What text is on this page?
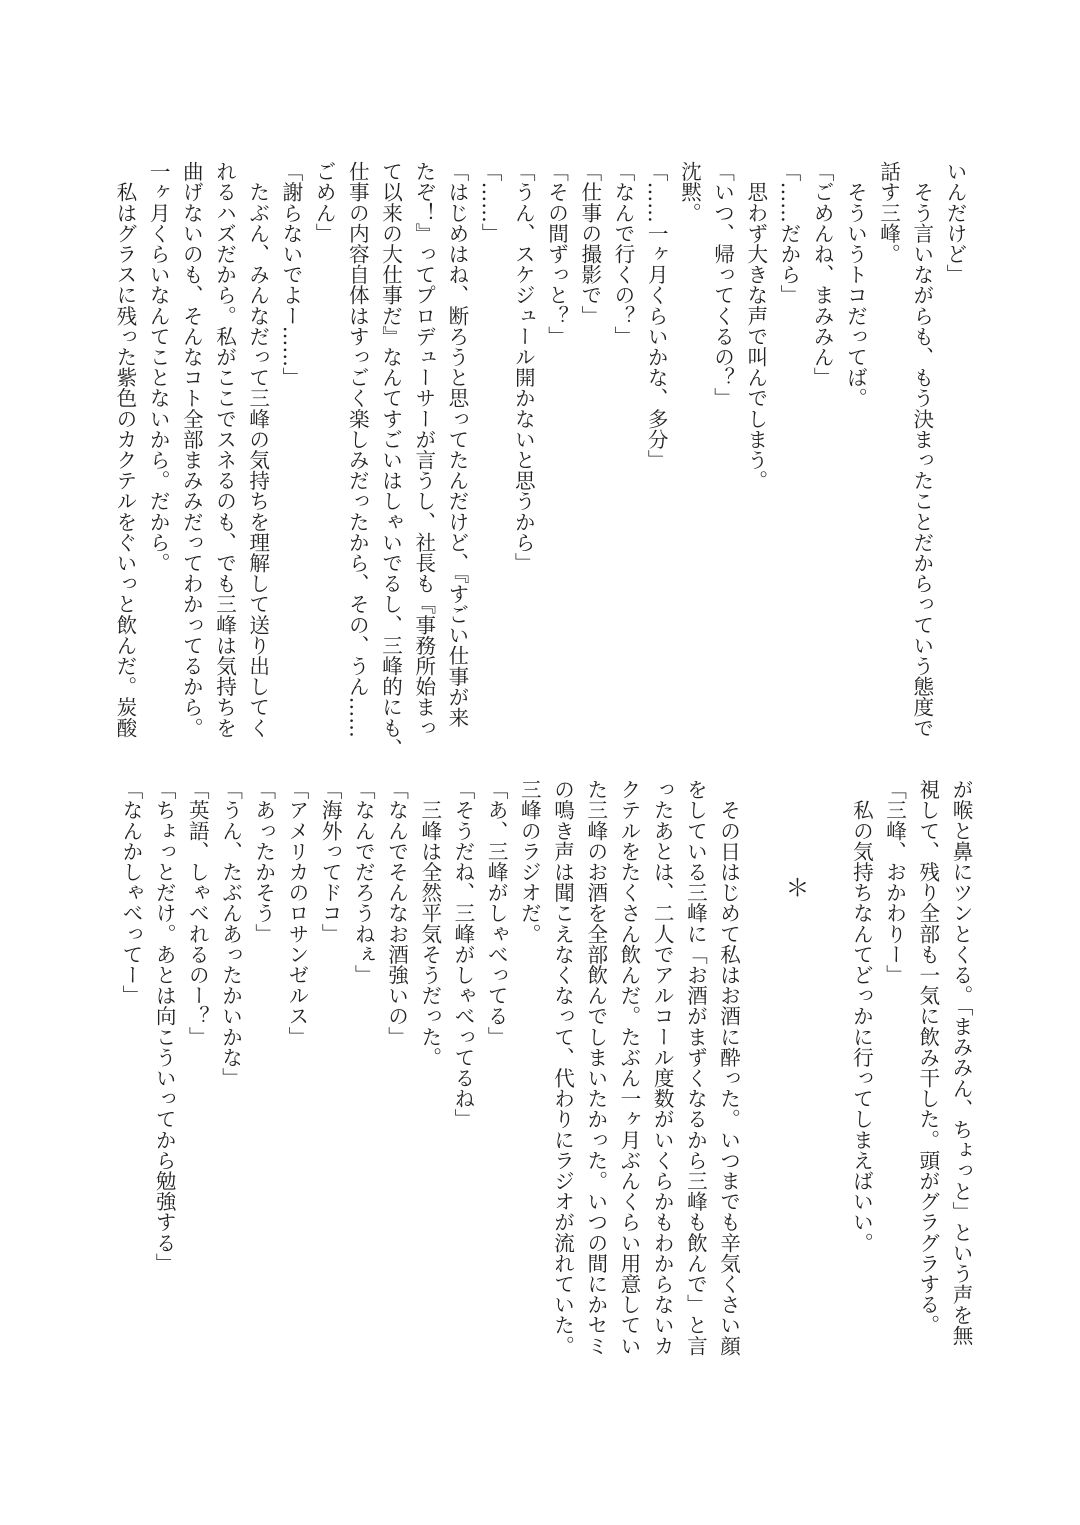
いんだけど」
　そう言いながらも、もう決まったことだからっていう態度で
話す三峰。
　そういうトコだってば。
「ごめんね、まみみん」
「……だから」
　思わず大きな声で叫んでしまう。
「いつ、帰ってくるの？」
沈黙。
「……一ヶ月くらいかな、多分」
「なんで行くの？」
「仕事の撮影で」
「その間ずっと？」
「うん、スケジュール開かないと思うから」
「……」
「はじめはね、断ろうと思ってたんだけど、『すごい仕事が来
たぞ！』ってプロデューサーが言うし、社長も『事務所始まっ
て以来の大仕事だ』なんてすごいはしゃいでるし、三峰的にも、
仕事の内容自体はすっごく楽しみだったから、その、うん……
ごめん」
「謝らないでよー……」
　たぶん、みんなだって三峰の気持ちを理解して送り出してく
れるハズだから。私がここでスネるのも、でも三峰は気持ちを
曲げないのも、そんなコト全部まみみだってわかってるから。
一ヶ月くらいなんてことないから。だから。
　私はグラスに残った紫色のカクテルをぐいっと飲んだ。炭酸
が喉と鼻にツンとくる。「まみみん、ちょっと」という声を無
視して、残り全部も一気に飲み干した。頭がグラグラする。
「三峰、おかわりー」
　私の気持ちなんてどっかに行ってしまえばいい。
＊
　その日はじめて私はお酒に酔った。いつまでも辛気くさい顔
をしている三峰に「お酒がまずくなるから三峰も飲んで」と言
ったあとは、二人でアルコール度数がいくらかもわからないカ
クテルをたくさん飲んだ。たぶん一ヶ月ぶんくらい用意してい
た三峰のお酒を全部飲んでしまいたかった。いつの間にかセミ
の鳴き声は聞こえなくなって、代わりにラジオが流れていた。
三峰のラジオだ。
「あ、三峰がしゃべってる」
「そうだね、三峰がしゃべってるね」
　三峰は全然平気そうだった。
「なんでそんなお酒強いの」
「なんでだろうねぇ」
「海外ってドコ」
「アメリカのロサンゼルス」
「あったかそう」
「うん、たぶんあったかいかな」
「英語、しゃべれるのー？」
「ちょっとだけ。あとは向こういってから勉強する」
「なんかしゃべってー」
